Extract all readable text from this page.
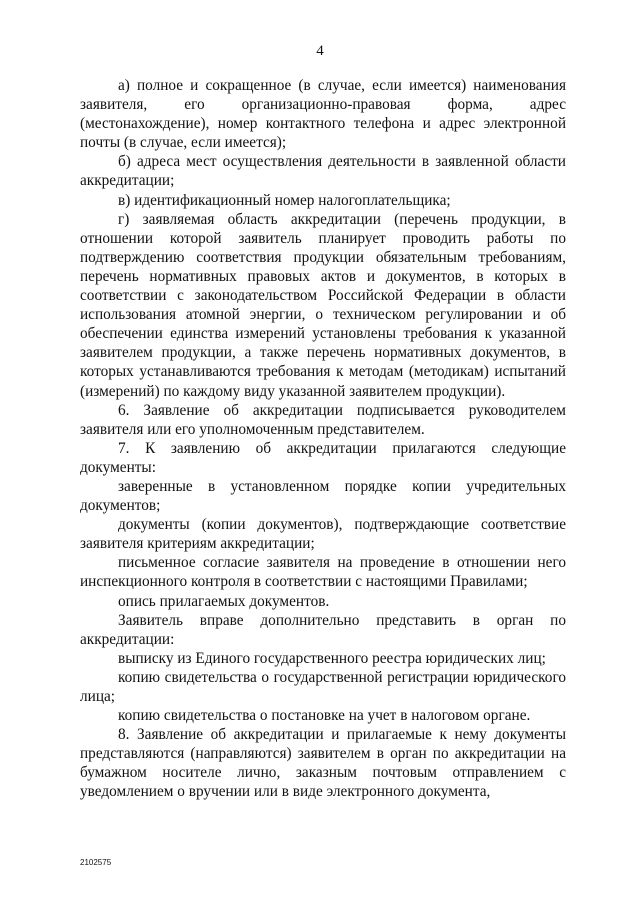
4

а) полное и сокращенное (в случае, если имеется) наименования заявителя, его организационно-правовая форма, адрес (местонахождение), номер контактного телефона и адрес электронной почты (в случае, если имеется);

б) адреса мест осуществления деятельности в заявленной области аккредитации;

в) идентификационный номер налогоплательщика;

г) заявляемая область аккредитации (перечень продукции, в отношении которой заявитель планирует проводить работы по подтверждению соответствия продукции обязательным требованиям, перечень нормативных правовых актов и документов, в которых в соответствии с законодательством Российской Федерации в области использования атомной энергии, о техническом регулировании и об обеспечении единства измерений установлены требования к указанной заявителем продукции, а также перечень нормативных документов, в которых устанавливаются требования к методам (методикам) испытаний (измерений) по каждому виду указанной заявителем продукции).

6. Заявление об аккредитации подписывается руководителем заявителя или его уполномоченным представителем.

7. К заявлению об аккредитации прилагаются следующие документы:

заверенные в установленном порядке копии учредительных документов;

документы (копии документов), подтверждающие соответствие заявителя критериям аккредитации;

письменное согласие заявителя на проведение в отношении него инспекционного контроля в соответствии с настоящими Правилами;

опись прилагаемых документов.

Заявитель вправе дополнительно представить в орган по аккредитации:

выписку из Единого государственного реестра юридических лиц;

копию свидетельства о государственной регистрации юридического лица;

копию свидетельства о постановке на учет в налоговом органе.

8. Заявление об аккредитации и прилагаемые к нему документы представляются (направляются) заявителем в орган по аккредитации на бумажном носителе лично, заказным почтовым отправлением с уведомлением о вручении или в виде электронного документа,

2102575
